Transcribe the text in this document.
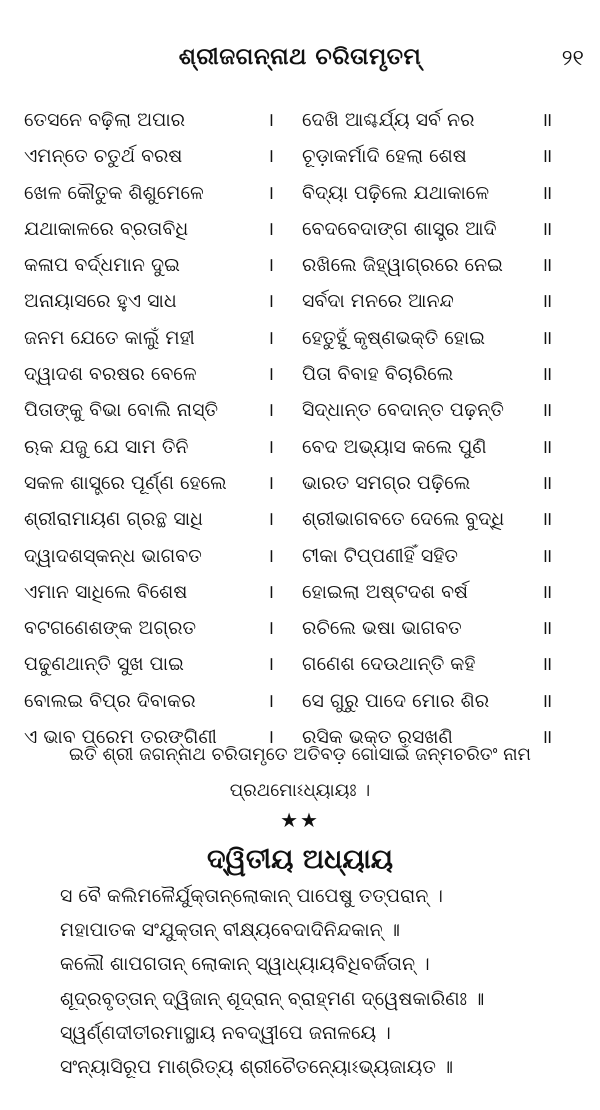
ଶ୍ରୀଜଗନ୍ନାଥ ଚରିତାମୃତମ୍	୨୧
ତେସନେ ବଢ଼ିଲା ଅପାର	। ଦେଖି ଆଶ୍ଚର୍ଯ୍ୟ ସର୍ବ ନର	॥
ଏମନ୍ତେ ଚତୁର୍ଥ ବରଷ	। ଚୂଡ଼ାକର୍ମାଦି ହେଲା ଶେଷ	॥
ଖେଳ କୌତୁକ ଶିଶୁମେଳେ	। ବିଦ୍ୟା ପଢ଼ିଲେ ଯଥାକାଳେ	॥
ଯଥାକାଳରେ ବ୍ରତାବିଧି	। ବେଦବେଦାଙ୍ଗ ଶାସ୍ତ୍ର ଆଦି ॥
କଳାପ ବର୍ଦ୍ଧମାନ ଦୁଇ	। ରଖିଲେ ଜିହ୍ୱାଗ୍ରରେ ନେଇ ॥
ଅନାୟାସରେ ହୁଏ ସାଧ	। ସର୍ବଦା ମନରେ ଆନନ୍ଦ	॥
ଜନମ ଯେତେ କାଲୁଁ ମହୀ	। ହେତୁହୁଁ କୃଷ୍ଣଭକ୍ତି ହୋଇ	॥
ଦ୍ୱାଦଶ ବରଷର ବେଳେ	। ପିତା ବିବାହ ବିଚାରିଲେ	॥
ପିତାଙ୍କୁ ବିଭା ବୋଲି ନାସ୍ତି	। ସିଦ୍ଧାନ୍ତ ବେଦାନ୍ତ ପଢ଼ନ୍ତି ॥
ଋକ ଯଜୁ ଯେ ସାମ ତିନି	। ବେଦ ଅଭ୍ୟାସ କଲେ ପୁଣି	॥
ସକଳ ଶାସ୍ତ୍ରେ ପୂର୍ଣ୍ଣ ହେଲେ । ଭାରତ ସମଗ୍ର ପଢ଼ିଲେ	॥
ଶ୍ରୀରାମାୟଣ ଗ୍ରନ୍ଥ ସାଧି	। ଶ୍ରୀଭାଗବତେ ଦେଲେ ବୁଦ୍ଧି ॥
ଦ୍ୱାଦଶସ୍କନ୍ଧ ଭାଗବତ	। ଟୀକା ଟିପ୍ପଣୀହିଁ ସହିତ	॥
ଏମାନ ସାଧିଲେ ବିଶେଷ	। ହୋଇଲା ଅଷ୍ଟଦଶ ବର୍ଷ	॥
ବଟଗଣେଶଙ୍କ ଅଗ୍ରତ	। ରଚିଲେ ଭଷା ଭାଗବତ	॥
ପଢୁଣଥାନ୍ତି ସୁଖ ପାଇ	। ଗଣେଶ ଦେଉଥାନ୍ତି କହି	॥
ବୋଲଇ ବିପ୍ର ଦିବାକର	। ସେ ଗୁରୁ ପାଦେ ମୋର ଶିର	॥
ଏ ଭାବ ପ୍ରେମ ତରଙ୍ଗିଣୀ	। ରସିକ ଭକ୍ତ ରସଖଣି	॥
ଇତି ଶ୍ରୀ ଜଗନ୍ନାଥ ଚରିତାମୃତେ ଅତିବଡ଼ ଗୋସାଇଁ ଜନ୍ମଚରିତଂ ନାମ
ପ୍ରଥମୋଽଧ୍ୟାୟଃ ।
★★
ଦ୍ୱିତୀୟ ଅଧ୍ୟାୟ
ସ ବୈ କଲିମଳୈର୍ଯୁକ୍ତାନ୍‌ଲୋକାନ୍ ପାପେଷୁ ତତ୍‌ପରାନ୍ ।
ମହାପାତକ ସଂଯୁକ୍ତାନ୍ ବୀକ୍ଷ୍ୟବେଦାଦିନିନ୍ଦକାନ୍ ॥
କଲୌ ଶାପଗତାନ୍ ଲୋକାନ୍ ସ୍ୱାଧ୍ୟାୟବିଧିବର୍ଜିତାନ୍ ।
ଶୂଦ୍ରବୃତ୍ତାନ୍ ଦ୍ୱିଜାନ୍ ଶୂଦ୍ରାନ୍ ବ୍ରାହ୍ମଣ ଦ୍ୱେଷକାରିଣଃ ॥
ସ୍ୱର୍ଣ୍ଣଦୀତୀରମାସ୍ଥାୟ ନବଦ୍ୱୀପେ ଜନାଳୟେ ।
ସଂନ୍ୟାସିରୂପ ମାଶ୍ରିତ୍ୟ ଶ୍ରୀଚୈତନ୍ୟୋଽଭ୍ୟଜାୟତ ॥
